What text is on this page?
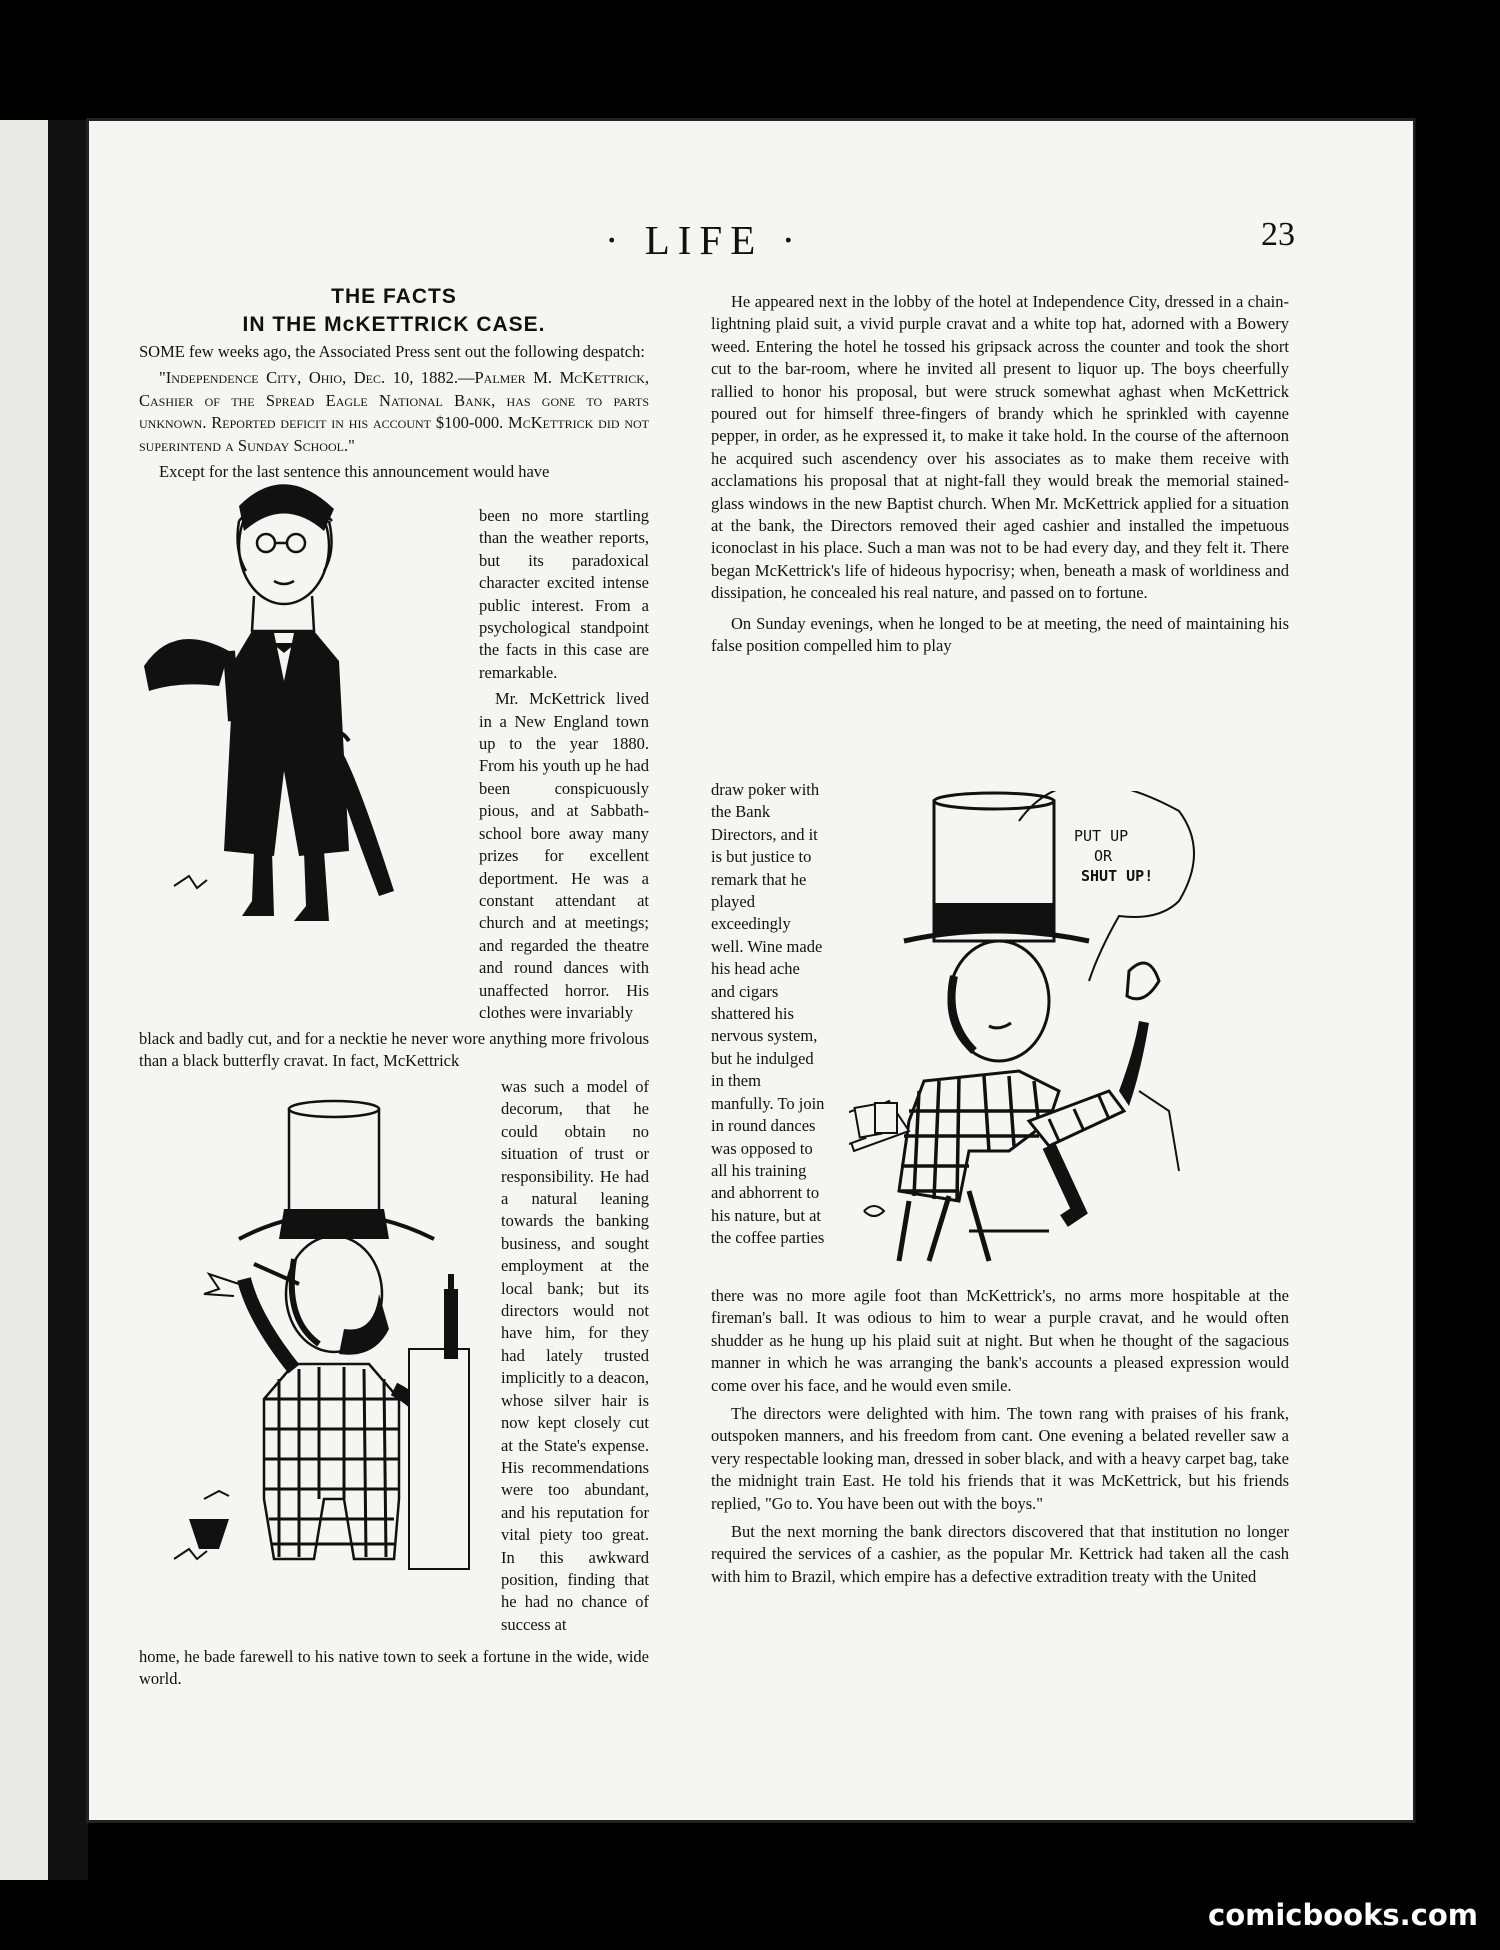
· LIFE ·	23
THE FACTS
IN THE McKETTRICK CASE.

SOME few weeks ago, the Associated Press sent out the following despatch:

"Independence City, Ohio, Dec. 10, 1882.—Palmer M. McKettrick, Cashier of the Spread Eagle National Bank, has gone to parts unknown. Reported deficit in his account $100-000. McKettrick did not superintend a Sunday School."

Except for the last sentence this announcement would have

been no more startling than the weather reports, but its paradoxical character excited intense public interest. From a psychological standpoint the facts in this case are remarkable.
Mr. McKettrick lived in a New England town up to the year 1880. From his youth up he had been conspicuously pious, and at Sabbath-school bore away many prizes for excellent deportment. He was a constant attendant at church and at meetings; and regarded the theatre and round dances with unaffected horror. His clothes were invariably
black and badly cut, and for a necktie he never wore anything more frivolous than a black butterfly cravat. In fact, McKettrick
was such a model of decorum, that he could obtain no situation of trust or responsibility. He had a natural leaning towards the banking business, and sought employment at the local bank; but its directors would not have him, for they had lately trusted implicitly to a deacon, whose silver hair is now kept closely cut at the State's expense. His recommendations were too abundant, and his reputation for vital piety too great. In this awkward position, finding that he had no chance of success at
home, he bade farewell to his native town to seek a fortune in the wide, wide world.

He appeared next in the lobby of the hotel at Independence City, dressed in a chain-lightning plaid suit, a vivid purple cravat and a white top hat, adorned with a Bowery weed. Entering the hotel he tossed his gripsack across the counter and took the short cut to the bar-room, where he invited all present to liquor up. The boys cheerfully rallied to honor his proposal, but were struck somewhat aghast when McKettrick poured out for himself three-fingers of brandy which he sprinkled with cayenne pepper, in order, as he expressed it, to make it take hold. In the course of the afternoon he acquired such ascendency over his associates as to make them receive with acclamations his proposal that at night-fall they would break the memorial stained-glass windows in the new Baptist church. When Mr. McKettrick applied for a situation at the bank, the Directors removed their aged cashier and installed the impetuous iconoclast in his place. Such a man was not to be had every day, and they felt it. There began McKettrick's life of hideous hypocrisy; when, beneath a mask of worldiness and dissipation, he concealed his real nature, and passed on to fortune.

On Sunday evenings, when he longed to be at meeting, the need of maintaining his false position compelled him to play

draw poker with the Bank Directors, and it is but justice to remark that he played exceedingly well. Wine made his head ache and cigars shattered his nervous system, but he indulged in them manfully. To join in round dances was opposed to all his training and abhorrent to his nature, but at the coffee parties

there was no more agile foot than McKettrick's, no arms more hospitable at the fireman's ball. It was odious to him to wear a purple cravat, and he would often shudder as he hung up his plaid suit at night. But when he thought of the sagacious manner in which he was arranging the bank's accounts a pleased expression would come over his face, and he would even smile.

The directors were delighted with him. The town rang with praises of his frank, outspoken manners, and his freedom from cant. One evening a belated reveller saw a very respectable looking man, dressed in sober black, and with a heavy carpet bag, take the midnight train East. He told his friends that it was McKettrick, but his friends replied, "Go to. You have been out with the boys."

But the next morning the bank directors discovered that that institution no longer required the services of a cashier, as the popular Mr. Kettrick had taken all the cash with him to Brazil, which empire has a defective extradition treaty with the United

PUT UP
OR
SHUT UP!
comicbooks.com
